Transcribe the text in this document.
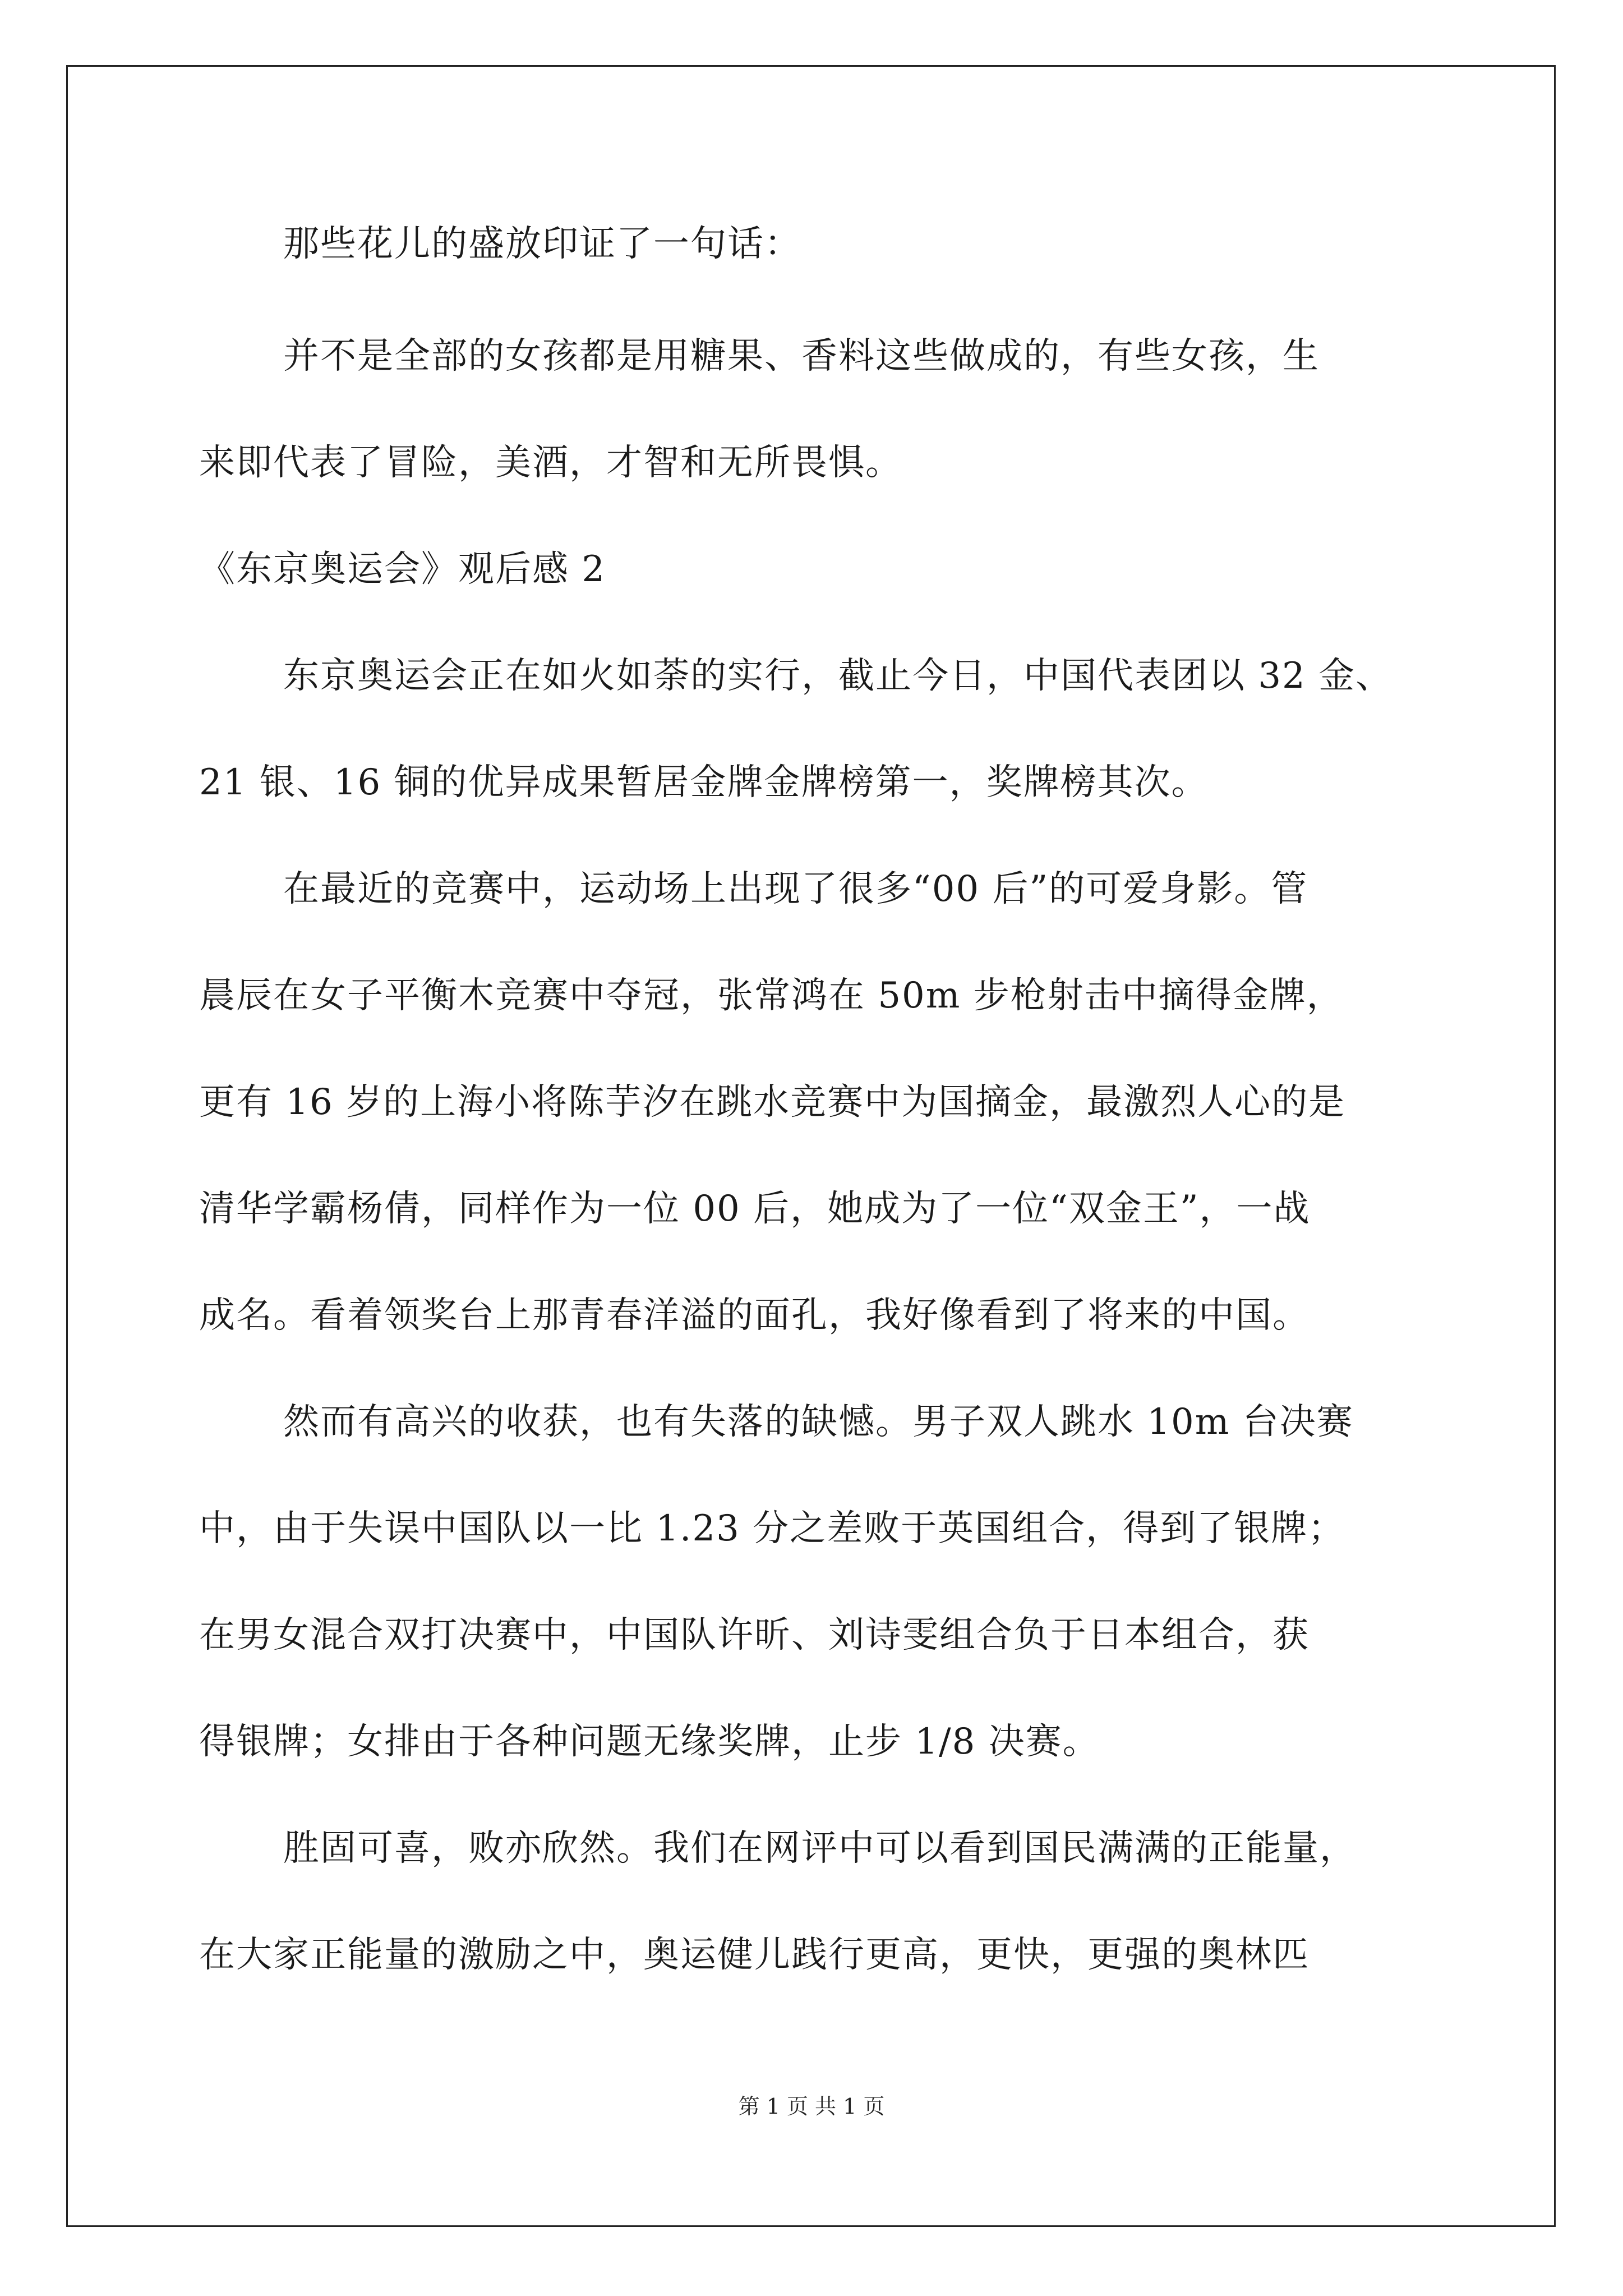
那些花儿的盛放印证了一句话：
并不是全部的女孩都是用糖果、香料这些做成的，有些女孩，生
来即代表了冒险，美酒，才智和无所畏惧。
《东京奥运会》观后感 2
东京奥运会正在如火如荼的实行，截止今日，中国代表团以 32 金、
21 银、16 铜的优异成果暂居金牌金牌榜第一，奖牌榜其次。
在最近的竞赛中，运动场上出现了很多“00 后”的可爱身影。管
晨辰在女子平衡木竞赛中夺冠，张常鸿在 50m 步枪射击中摘得金牌，
更有 16 岁的上海小将陈芋汐在跳水竞赛中为国摘金，最激烈人心的是
清华学霸杨倩，同样作为一位 00 后，她成为了一位“双金王”，一战
成名。看着领奖台上那青春洋溢的面孔，我好像看到了将来的中国。
然而有高兴的收获，也有失落的缺憾。男子双人跳水 10m 台决赛
中，由于失误中国队以一比 1.23 分之差败于英国组合，得到了银牌；
在男女混合双打决赛中，中国队许昕、刘诗雯组合负于日本组合，获
得银牌；女排由于各种问题无缘奖牌，止步 1/8 决赛。
胜固可喜，败亦欣然。我们在网评中可以看到国民满满的正能量，
在大家正能量的激励之中，奥运健儿践行更高，更快，更强的奥林匹
第 1 页 共 1 页
